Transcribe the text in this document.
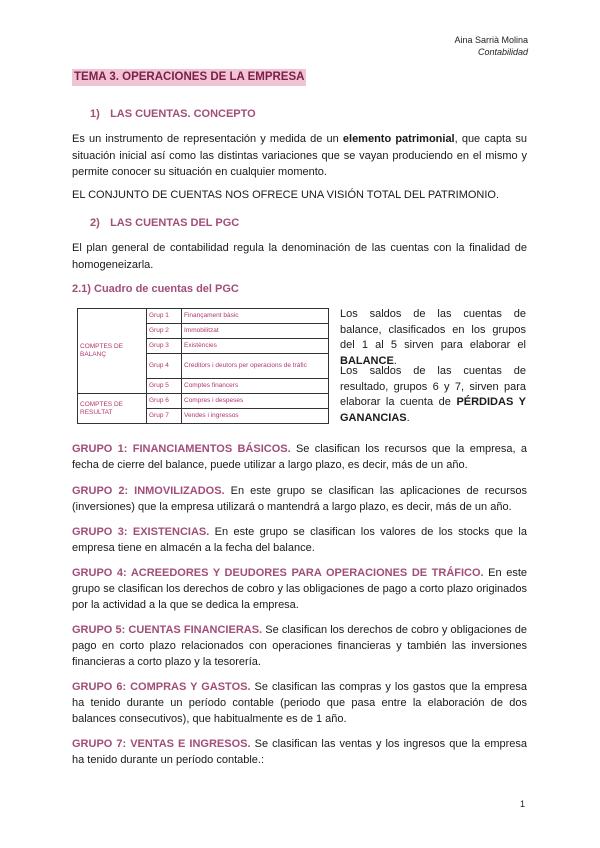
Aina Sarrià Molina
Contabilidad
TEMA 3. OPERACIONES DE LA EMPRESA
1) LAS CUENTAS. CONCEPTO
Es un instrumento de representación y medida de un elemento patrimonial, que capta su situación inicial así como las distintas variaciones que se vayan produciendo en el mismo y permite conocer su situación en cualquier momento.
EL CONJUNTO DE CUENTAS NOS OFRECE UNA VISIÓN TOTAL DEL PATRIMONIO.
2) LAS CUENTAS DEL PGC
El plan general de contabilidad regula la denominación de las cuentas con la finalidad de homogeneizarla.
2.1) Cuadro de cuentas del PGC
COMPTES DE BALANÇ	Grup 1	Finançament bàsic
	Grup 2	Immobilitzat
	Grup 3	Existències
	Grup 4	Creditors i deutors per operacions de tràfic
	Grup 5	Comptes financers
COMPTES DE RESULTAT	Grup 6	Compres i despeses
	Grup 7	Vendes i ingressos
Los saldos de las cuentas de balance, clasificados en los grupos del 1 al 5 sirven para elaborar el BALANCE.
Los saldos de las cuentas de resultado, grupos 6 y 7, sirven para elaborar la cuenta de PÉRDIDAS Y GANANCIAS.
GRUPO 1: FINANCIAMENTOS BÁSICOS. Se clasifican los recursos que la empresa, a fecha de cierre del balance, puede utilizar a largo plazo, es decir, más de un año.
GRUPO 2: INMOVILIZADOS. En este grupo se clasifican las aplicaciones de recursos (inversiones) que la empresa utilizará o mantendrá a largo plazo, es decir, más de un año.
GRUPO 3: EXISTENCIAS. En este grupo se clasifican los valores de los stocks que la empresa tiene en almacén a la fecha del balance.
GRUPO 4: ACREEDORES Y DEUDORES PARA OPERACIONES DE TRÁFICO. En este grupo se clasifican los derechos de cobro y las obligaciones de pago a corto plazo originados por la actividad a la que se dedica la empresa.
GRUPO 5: CUENTAS FINANCIERAS. Se clasifican los derechos de cobro y obligaciones de pago en corto plazo relacionados con operaciones financieras y también las inversiones financieras a corto plazo y la tesorería.
GRUPO 6: COMPRAS Y GASTOS. Se clasifican las compras y los gastos que la empresa ha tenido durante un período contable (periodo que pasa entre la elaboración de dos balances consecutivos), que habitualmente es de 1 año.
GRUPO 7: VENTAS E INGRESOS. Se clasifican las ventas y los ingresos que la empresa ha tenido durante un período contable.:
1
